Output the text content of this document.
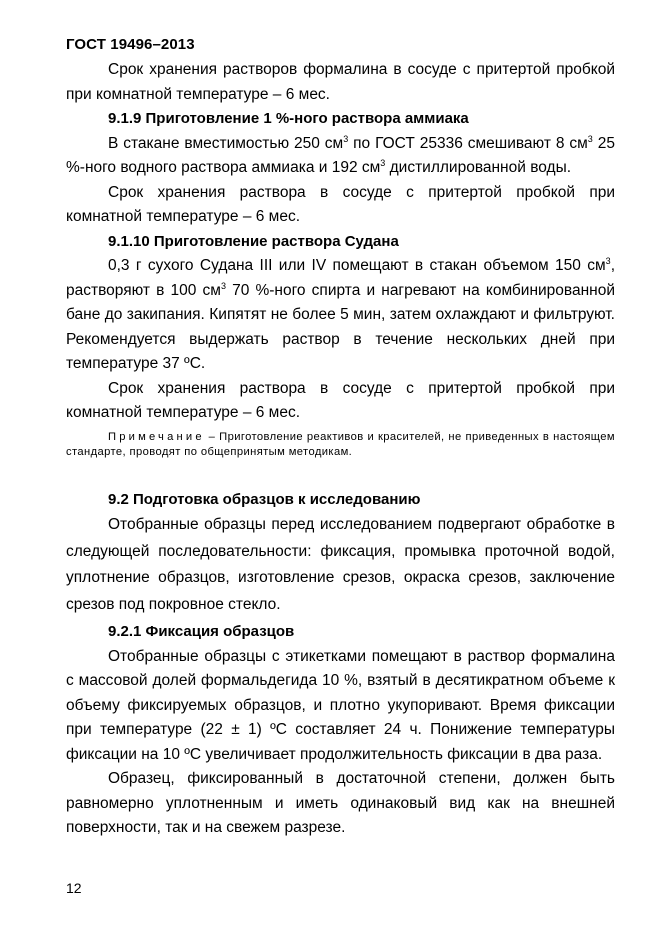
ГОСТ 19496–2013

Срок хранения растворов формалина в сосуде с притертой пробкой при комнатной температуре – 6 мес.

9.1.9 Приготовление 1 %-ного раствора аммиака

В стакане вместимостью 250 $см^3$ по ГОСТ 25336 смешивают 8 $см^3$ 25 %-ного водного раствора аммиака и 192 $см^3$ дистиллированной воды.

Срок хранения раствора в сосуде с притертой пробкой при комнатной температуре – 6 мес.

9.1.10 Приготовление раствора Судана

0,3 г сухого Судана III или IV помещают в стакан объемом 150 $см^3$, растворяют в 100 $см^3$ 70 %-ного спирта и нагревают на комбинированной бане до закипания. Кипятят не более 5 мин, затем охлаждают и фильтруют. Рекомендуется выдержать раствор в течение нескольких дней при температуре 37 ºС.

Срок хранения раствора в сосуде с притертой пробкой при комнатной температуре – 6 мес.

Примечание – Приготовление реактивов и красителей, не приведенных в настоящем стандарте, проводят по общепринятым методикам.

9.2 Подготовка образцов к исследованию

Отобранные образцы перед исследованием подвергают обработке в следующей последовательности: фиксация, промывка проточной водой, уплотнение образцов, изготовление срезов, окраска срезов, заключение срезов под покровное стекло.

9.2.1 Фиксация образцов

Отобранные образцы с этикетками помещают в раствор формалина с массовой долей формальдегида 10 %, взятый в десятикратном объеме к объему фиксируемых образцов, и плотно укупоривают. Время фиксации при температуре (22 ± 1) ºС составляет 24 ч. Понижение температуры фиксации на 10 ºС увеличивает продолжительность фиксации в два раза.

Образец, фиксированный в достаточной степени, должен быть равномерно уплотненным и иметь одинаковый вид как на внешней поверхности, так и на свежем разрезе.

12
